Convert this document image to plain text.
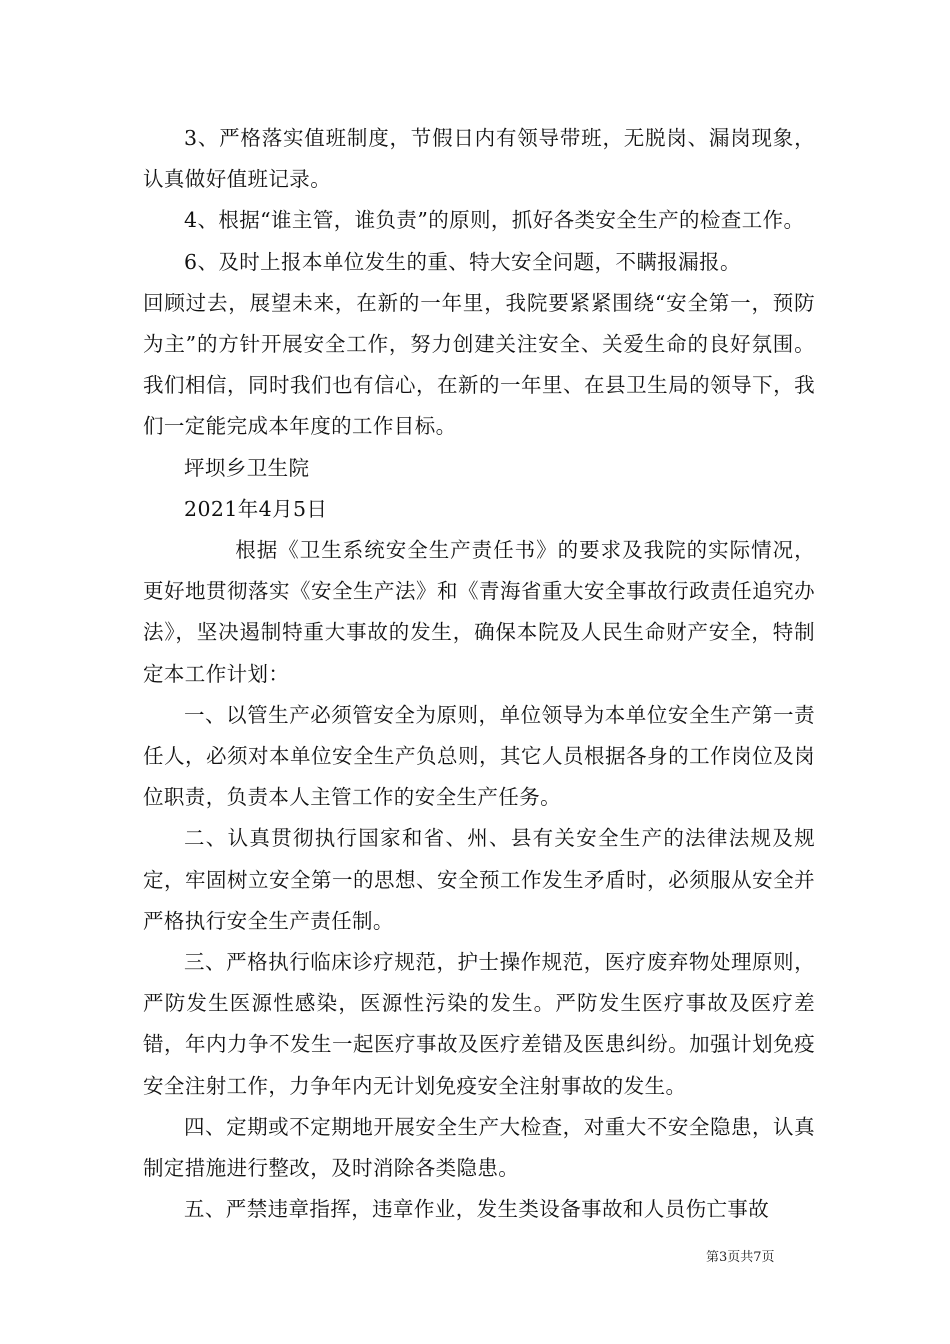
3、严格落实值班制度，节假日内有领导带班，无脱岗、漏岗现象，认真做好值班记录。

4、根据“谁主管，谁负责”的原则，抓好各类安全生产的检查工作。

6、及时上报本单位发生的重、特大安全问题，不瞒报漏报。

回顾过去，展望未来，在新的一年里，我院要紧紧围绕“安全第一，预防为主”的方针开展安全工作，努力创建关注安全、关爱生命的良好氛围。我们相信，同时我们也有信心，在新的一年里、在县卫生局的领导下，我们一定能完成本年度的工作目标。

坪坝乡卫生院

2021年4月5日

根据《卫生系统安全生产责任书》的要求及我院的实际情况，更好地贯彻落实《安全生产法》和《青海省重大安全事故行政责任追究办法》，坚决遏制特重大事故的发生，确保本院及人民生命财产安全，特制定本工作计划：

一、以管生产必须管安全为原则，单位领导为本单位安全生产第一责任人，必须对本单位安全生产负总则，其它人员根据各身的工作岗位及岗位职责，负责本人主管工作的安全生产任务。

二、认真贯彻执行国家和省、州、县有关安全生产的法律法规及规定，牢固树立安全第一的思想、安全预工作发生矛盾时，必须服从安全并严格执行安全生产责任制。

三、严格执行临床诊疗规范，护士操作规范，医疗废弃物处理原则，严防发生医源性感染，医源性污染的发生。严防发生医疗事故及医疗差错，年内力争不发生一起医疗事故及医疗差错及医患纠纷。加强计划免疫安全注射工作，力争年内无计划免疫安全注射事故的发生。

四、定期或不定期地开展安全生产大检查，对重大不安全隐患，认真制定措施进行整改，及时消除各类隐患。

五、严禁违章指挥，违章作业，发生类设备事故和人员伤亡事故

第3页共7页
